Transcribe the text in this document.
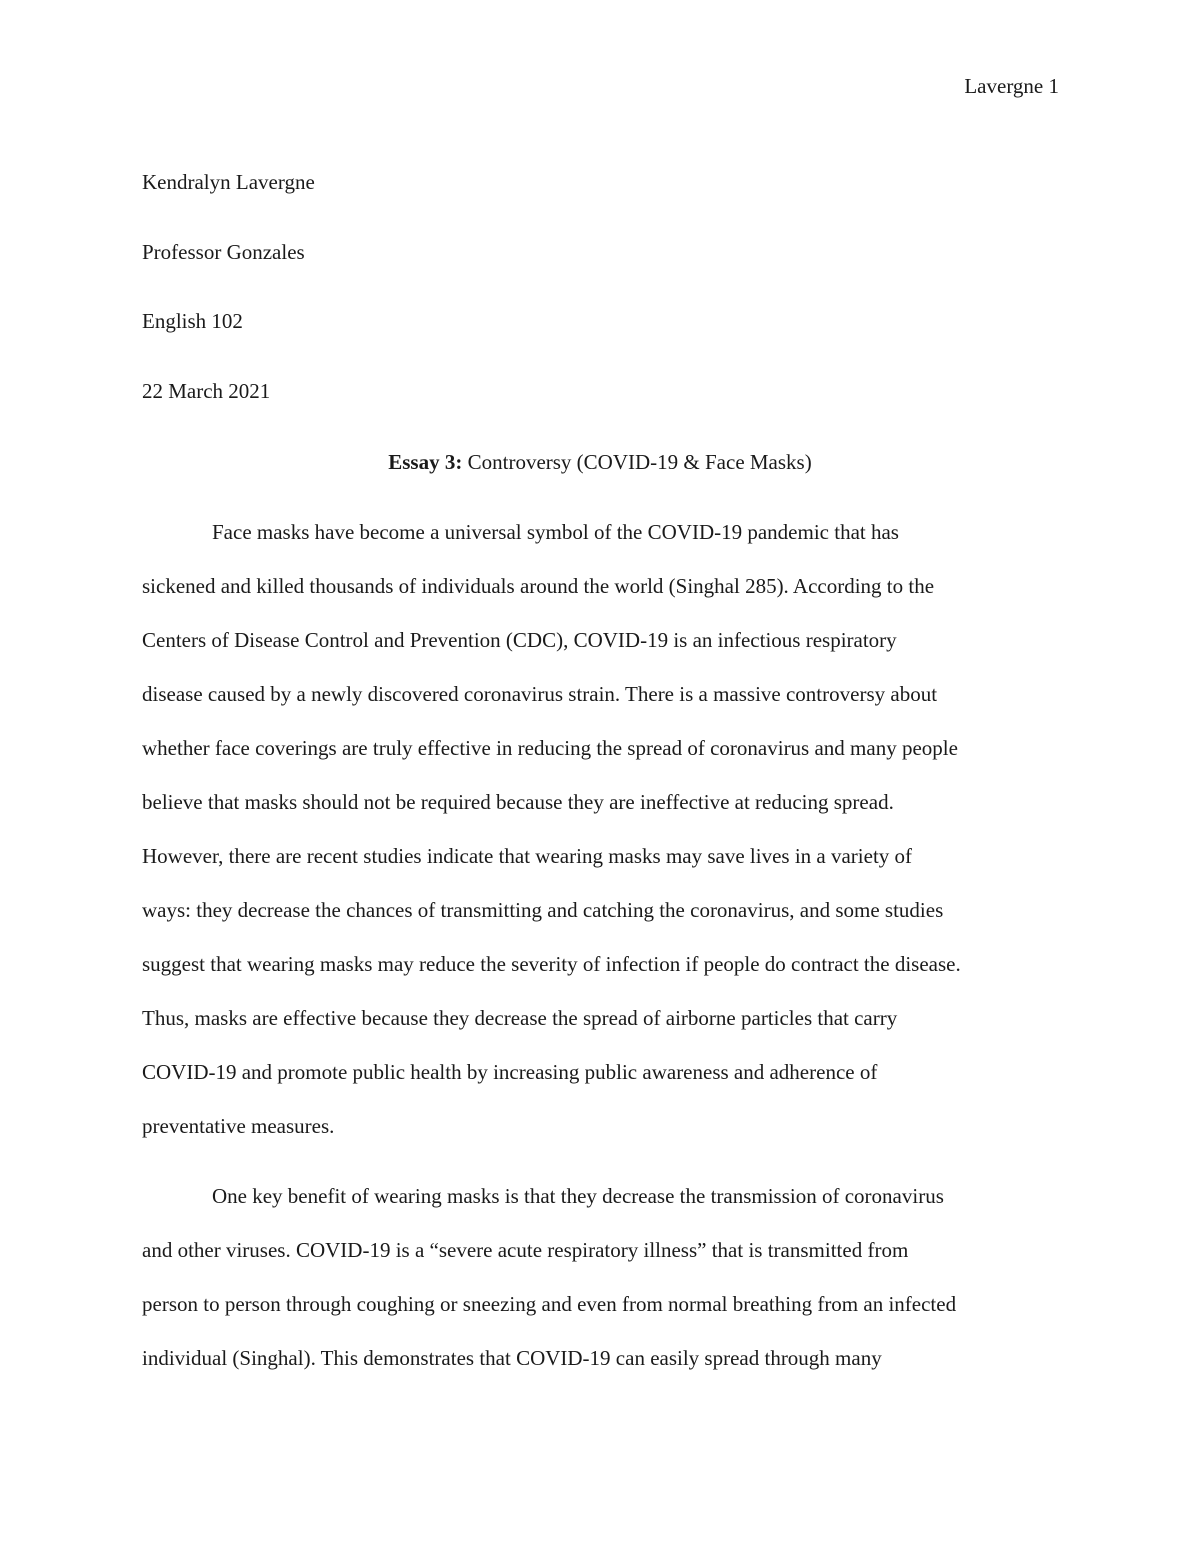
Lavergne 1
Kendralyn Lavergne
Professor Gonzales
English 102
22 March 2021
Essay 3: Controversy (COVID-19 & Face Masks)
Face masks have become a universal symbol of the COVID-19 pandemic that has
sickened and killed thousands of individuals around the world (Singhal 285). According to the
Centers of Disease Control and Prevention (CDC), COVID-19 is an infectious respiratory
disease caused by a newly discovered coronavirus strain. There is a massive controversy about
whether face coverings are truly effective in reducing the spread of coronavirus and many people
believe that masks should not be required because they are ineffective at reducing spread.
However, there are recent studies indicate that wearing masks may save lives in a variety of
ways: they decrease the chances of transmitting and catching the coronavirus, and some studies
suggest that wearing masks may reduce the severity of infection if people do contract the disease.
Thus, masks are effective because they decrease the spread of airborne particles that carry
COVID-19 and promote public health by increasing public awareness and adherence of
preventative measures.
One key benefit of wearing masks is that they decrease the transmission of coronavirus
and other viruses. COVID-19 is a “severe acute respiratory illness” that is transmitted from
person to person through coughing or sneezing and even from normal breathing from an infected
individual (Singhal). This demonstrates that COVID-19 can easily spread through many
